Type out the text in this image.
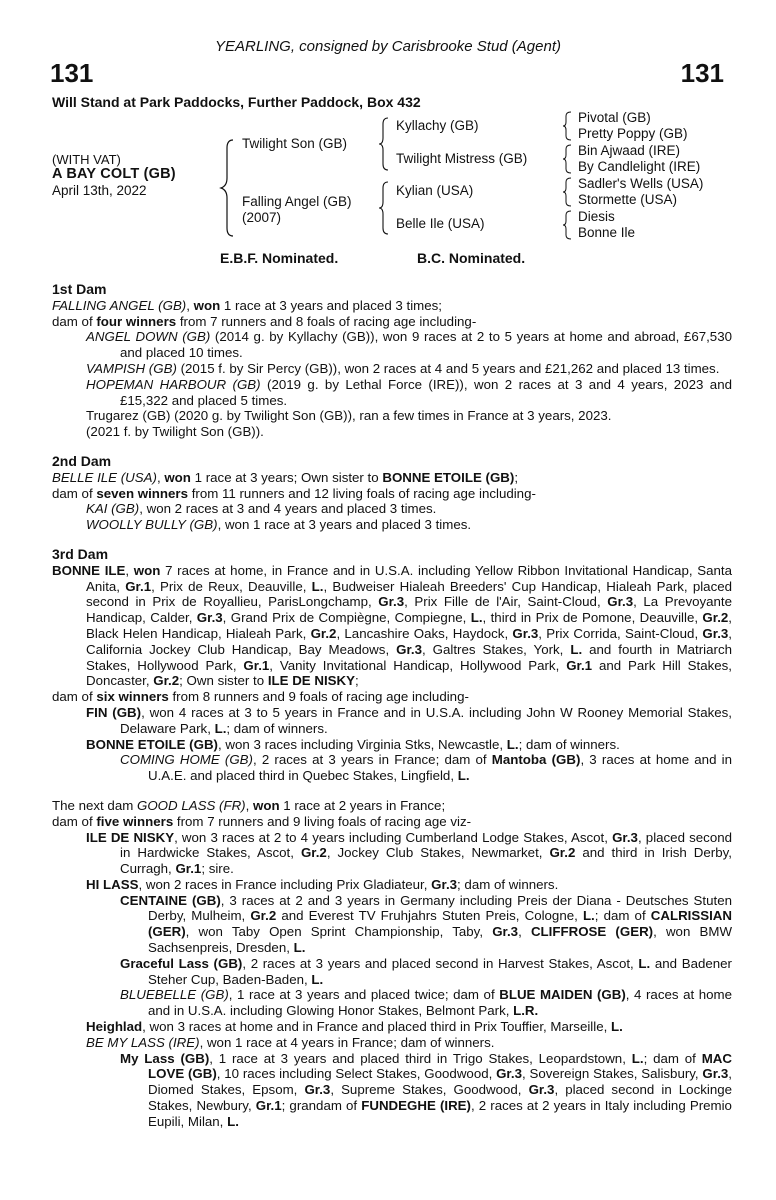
YEARLING, consigned by Carisbrooke Stud (Agent)
131	131
Will Stand at Park Paddocks, Further Paddock, Box 432
(WITH VAT)
A BAY COLT (GB)
April 13th, 2022
Twilight Son (GB)
Falling Angel (GB)
(2007)
Kyllachy (GB)
Twilight Mistress (GB)
Kylian (USA)
Belle Ile (USA)
Pivotal (GB)
Pretty Poppy (GB)
Bin Ajwaad (IRE)
By Candlelight (IRE)
Sadler's Wells (USA)
Stormette (USA)
Diesis
Bonne Ile
E.B.F. Nominated.	B.C. Nominated.

1st Dam

FALLING ANGEL (GB), won 1 race at 3 years and placed 3 times;

dam of four winners from 7 runners and 8 foals of racing age including-

ANGEL DOWN (GB) (2014 g. by Kyllachy (GB)), won 9 races at 2 to 5 years at home and abroad, £67,530 and placed 10 times.

VAMPISH (GB) (2015 f. by Sir Percy (GB)), won 2 races at 4 and 5 years and £21,262 and placed 13 times.

HOPEMAN HARBOUR (GB) (2019 g. by Lethal Force (IRE)), won 2 races at 3 and 4 years, 2023 and £15,322 and placed 5 times.

Trugarez (GB) (2020 g. by Twilight Son (GB)), ran a few times in France at 3 years, 2023.

(2021 f. by Twilight Son (GB)).

2nd Dam

BELLE ILE (USA), won 1 race at 3 years; Own sister to BONNE ETOILE (GB);

dam of seven winners from 11 runners and 12 living foals of racing age including-

KAI (GB), won 2 races at 3 and 4 years and placed 3 times.

WOOLLY BULLY (GB), won 1 race at 3 years and placed 3 times.

3rd Dam

BONNE ILE, won 7 races at home, in France and in U.S.A. including Yellow Ribbon Invitational Handicap, Santa Anita, Gr.1, Prix de Reux, Deauville, L., Budweiser Hialeah Breeders' Cup Handicap, Hialeah Park, placed second in Prix de Royallieu, ParisLongchamp, Gr.3, Prix Fille de l'Air, Saint-Cloud, Gr.3, La Prevoyante Handicap, Calder, Gr.3, Grand Prix de Compiègne, Compiegne, L., third in Prix de Pomone, Deauville, Gr.2, Black Helen Handicap, Hialeah Park, Gr.2, Lancashire Oaks, Haydock, Gr.3, Prix Corrida, Saint-Cloud, Gr.3, California Jockey Club Handicap, Bay Meadows, Gr.3, Galtres Stakes, York, L. and fourth in Matriarch Stakes, Hollywood Park, Gr.1, Vanity Invitational Handicap, Hollywood Park, Gr.1 and Park Hill Stakes, Doncaster, Gr.2; Own sister to ILE DE NISKY;

dam of six winners from 8 runners and 9 foals of racing age including-

FIN (GB), won 4 races at 3 to 5 years in France and in U.S.A. including John W Rooney Memorial Stakes, Delaware Park, L.; dam of winners.

BONNE ETOILE (GB), won 3 races including Virginia Stks, Newcastle, L.; dam of winners.

COMING HOME (GB), 2 races at 3 years in France; dam of Mantoba (GB), 3 races at home and in U.A.E. and placed third in Quebec Stakes, Lingfield, L.

The next dam GOOD LASS (FR), won 1 race at 2 years in France;

dam of five winners from 7 runners and 9 living foals of racing age viz-

ILE DE NISKY, won 3 races at 2 to 4 years including Cumberland Lodge Stakes, Ascot, Gr.3, placed second in Hardwicke Stakes, Ascot, Gr.2, Jockey Club Stakes, Newmarket, Gr.2 and third in Irish Derby, Curragh, Gr.1; sire.

HI LASS, won 2 races in France including Prix Gladiateur, Gr.3; dam of winners.

CENTAINE (GB), 3 races at 2 and 3 years in Germany including Preis der Diana - Deutsches Stuten Derby, Mulheim, Gr.2 and Everest TV Fruhjahrs Stuten Preis, Cologne, L.; dam of CALRISSIAN (GER), won Taby Open Sprint Championship, Taby, Gr.3, CLIFFROSE (GER), won BMW Sachsenpreis, Dresden, L.

Graceful Lass (GB), 2 races at 3 years and placed second in Harvest Stakes, Ascot, L. and Badener Steher Cup, Baden-Baden, L.

BLUEBELLE (GB), 1 race at 3 years and placed twice; dam of BLUE MAIDEN (GB), 4 races at home and in U.S.A. including Glowing Honor Stakes, Belmont Park, L.R.

Heighlad, won 3 races at home and in France and placed third in Prix Touffier, Marseille, L.

BE MY LASS (IRE), won 1 race at 4 years in France; dam of winners.

My Lass (GB), 1 race at 3 years and placed third in Trigo Stakes, Leopardstown, L.; dam of MAC LOVE (GB), 10 races including Select Stakes, Goodwood, Gr.3, Sovereign Stakes, Salisbury, Gr.3, Diomed Stakes, Epsom, Gr.3, Supreme Stakes, Goodwood, Gr.3, placed second in Lockinge Stakes, Newbury, Gr.1; grandam of FUNDEGHE (IRE), 2 races at 2 years in Italy including Premio Eupili, Milan, L.
